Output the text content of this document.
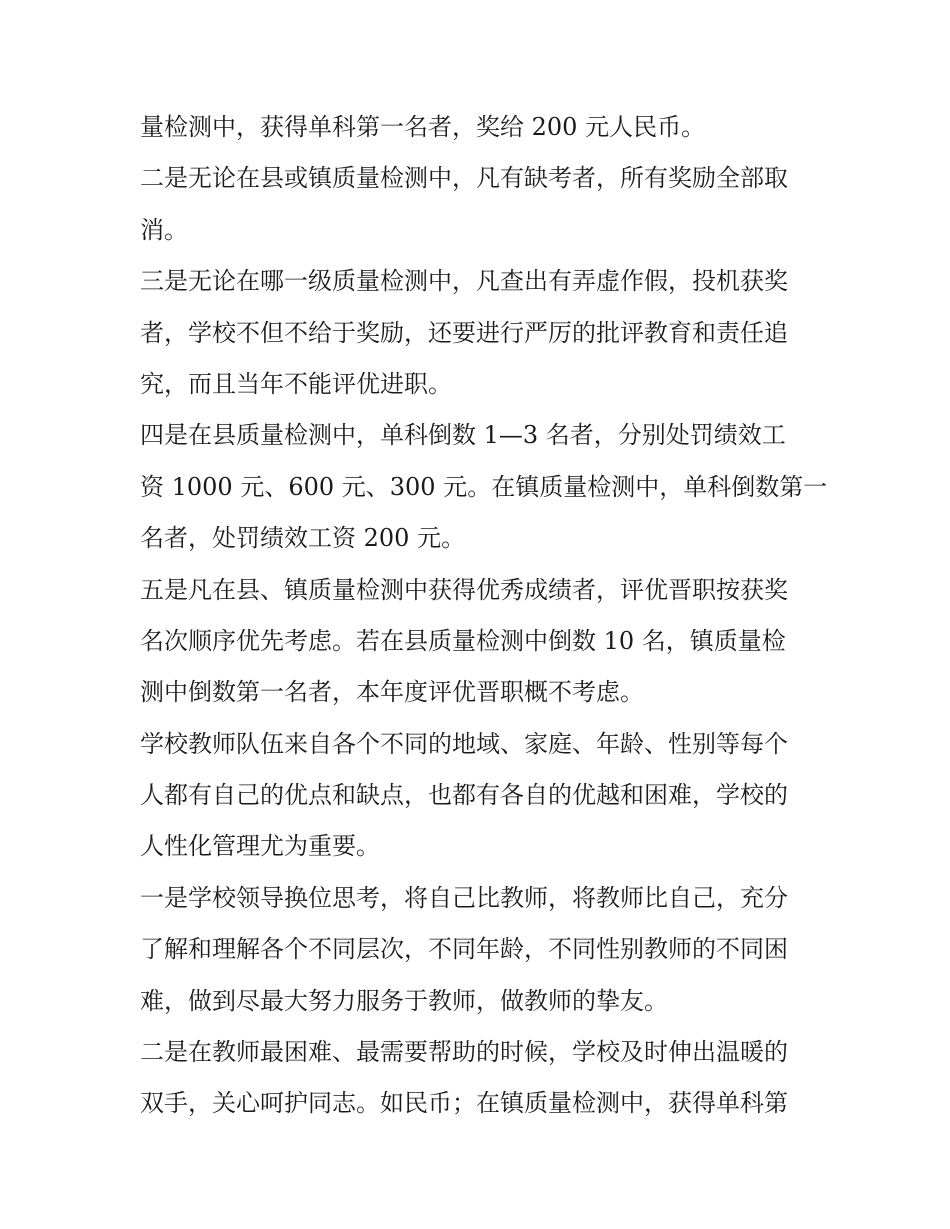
量检测中，获得单科第一名者，奖给 200 元人民币。
二是无论在县或镇质量检测中，凡有缺考者，所有奖励全部取
消。
三是无论在哪一级质量检测中，凡查出有弄虚作假，投机获奖
者，学校不但不给于奖励，还要进行严厉的批评教育和责任追
究，而且当年不能评优进职。
四是在县质量检测中，单科倒数 1—3 名者，分别处罚绩效工
资 1000 元、600 元、300 元。在镇质量检测中，单科倒数第一
名者，处罚绩效工资 200 元。
五是凡在县、镇质量检测中获得优秀成绩者，评优晋职按获奖
名次顺序优先考虑。若在县质量检测中倒数 10 名，镇质量检
测中倒数第一名者，本年度评优晋职概不考虑。
学校教师队伍来自各个不同的地域、家庭、年龄、性别等每个
人都有自己的优点和缺点，也都有各自的优越和困难，学校的
人性化管理尤为重要。
一是学校领导换位思考，将自己比教师，将教师比自己，充分
了解和理解各个不同层次，不同年龄，不同性别教师的不同困
难，做到尽最大努力服务于教师，做教师的挚友。
二是在教师最困难、最需要帮助的时候，学校及时伸出温暖的
双手，关心呵护同志。如民币；在镇质量检测中，获得单科第
